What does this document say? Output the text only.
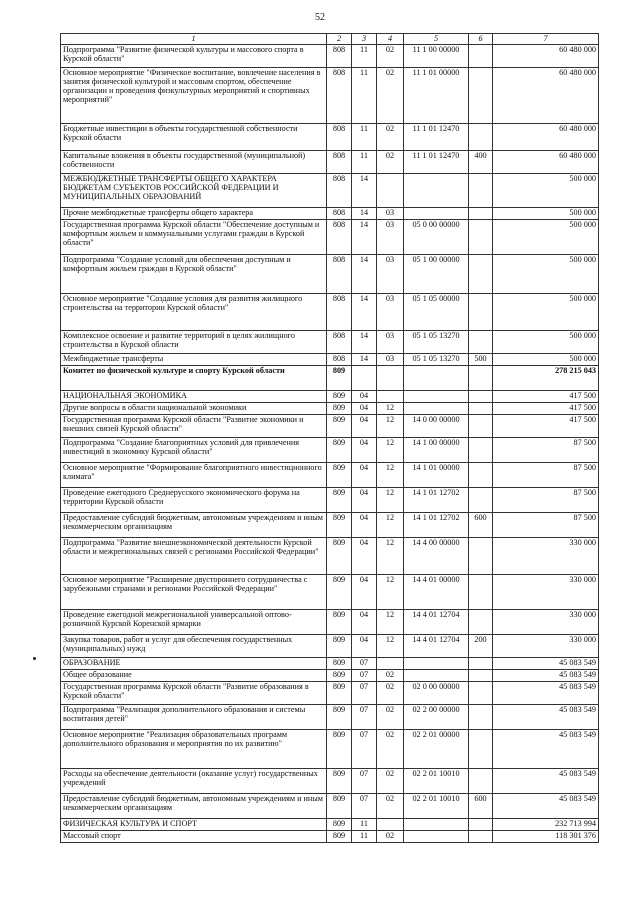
52
1	2	3	4	5	6	7
Подпрограмма "Развитие физической культуры и массового спорта в Курской области"	808	11	02	11 1 00 00000		60 480 000
Основное мероприятие "Физическое воспитание, вовлечение населения в занятия физической культурой и массовым спортом, обеспечение организации и проведения физкультурных мероприятий и спортивных мероприятий"	808	11	02	11 1 01 00000		60 480 000
Бюджетные инвестиции в объекты государственной собственности Курской области	808	11	02	11 1 01 12470		60 480 000
Капитальные вложения в объекты государственной (муниципальной) собственности	808	11	02	11 1 01 12470	400	60 480 000
МЕЖБЮДЖЕТНЫЕ ТРАНСФЕРТЫ ОБЩЕГО ХАРАКТЕРА БЮДЖЕТАМ СУБЪЕКТОВ РОССИЙСКОЙ ФЕДЕРАЦИИ И МУНИЦИПАЛЬНЫХ ОБРАЗОВАНИЙ	808	14				500 000
Прочие межбюджетные трансферты общего характера	808	14	03			500 000
Государственная программа Курской области "Обеспечение доступным и комфортным жильем и коммунальными услугами граждан в Курской области"	808	14	03	05 0 00 00000		500 000
Подпрограмма "Создание условий для обеспечения доступным и комфортным жильем граждан в Курской области"	808	14	03	05 1 00 00000		500 000
Основное мероприятие "Создание условия для развития жилищного строительства на территории Курской области"	808	14	03	05 1 05 00000		500 000
Комплексное освоение и развитие территорий в целях жилищного строительства в Курской области	808	14	03	05 1 05 13270		500 000
Межбюджетные трансферты	808	14	03	05 1 05 13270	500	500 000
Комитет по физической культуре и спорту Курской области	809					278 215 043
НАЦИОНАЛЬНАЯ ЭКОНОМИКА	809	04				417 500
Другие вопросы в области национальной экономики	809	04	12			417 500
Государственная программа Курской области "Развитие экономики и внешних связей Курской области"	809	04	12	14 0 00 00000		417 500
Подпрограмма "Создание благоприятных условий для привлечения инвестиций в экономику Курской области"	809	04	12	14 1 00 00000		87 500
Основное мероприятие "Формирование благоприятного инвестиционного климата"	809	04	12	14 1 01 00000		87 500
Проведение ежегодного Среднерусского экономического форума на территории Курской области	809	04	12	14 1 01 12702		87 500
Предоставление субсидий бюджетным, автономным учреждениям и иным некоммерческим организациям	809	04	12	14 1 01 12702	600	87 500
Подпрограмма "Развитие внешнеэкономической деятельности Курской области и межрегиональных связей с регионами Российской Федерации"	809	04	12	14 4 00 00000		330 000
Основное мероприятие "Расширение двустороннего сотрудничества с зарубежными странами и регионами Российской Федерации"	809	04	12	14 4 01 00000		330 000
Проведение ежегодной межрегиональной универсальной оптово-розничной Курской Коренской ярмарки	809	04	12	14 4 01 12704		330 000
Закупка товаров, работ и услуг для обеспечения государственных (муниципальных) нужд	809	04	12	14 4 01 12704	200	330 000
ОБРАЗОВАНИЕ	809	07				45 083 549
Общее образование	809	07	02			45 083 549
Государственная программа Курской области "Развитие образования в Курской области"	809	07	02	02 0 00 00000		45 083 549
Подпрограмма "Реализация дополнительного образования и системы воспитания детей"	809	07	02	02 2 00 00000		45 083 549
Основное мероприятие "Реализация образовательных программ дополнительного образования и мероприятия по их развитию"	809	07	02	02 2 01 00000		45 083 549
Расходы на обеспечение деятельности (оказание услуг) государственных учреждений	809	07	02	02 2 01 10010		45 083 549
Предоставление субсидий бюджетным, автономным учреждениям и иным некоммерческим организациям	809	07	02	02 2 01 10010	600	45 083 549
ФИЗИЧЕСКАЯ КУЛЬТУРА И СПОРТ	809	11				232 713 994
Массовый спорт	809	11	02			118 301 376
